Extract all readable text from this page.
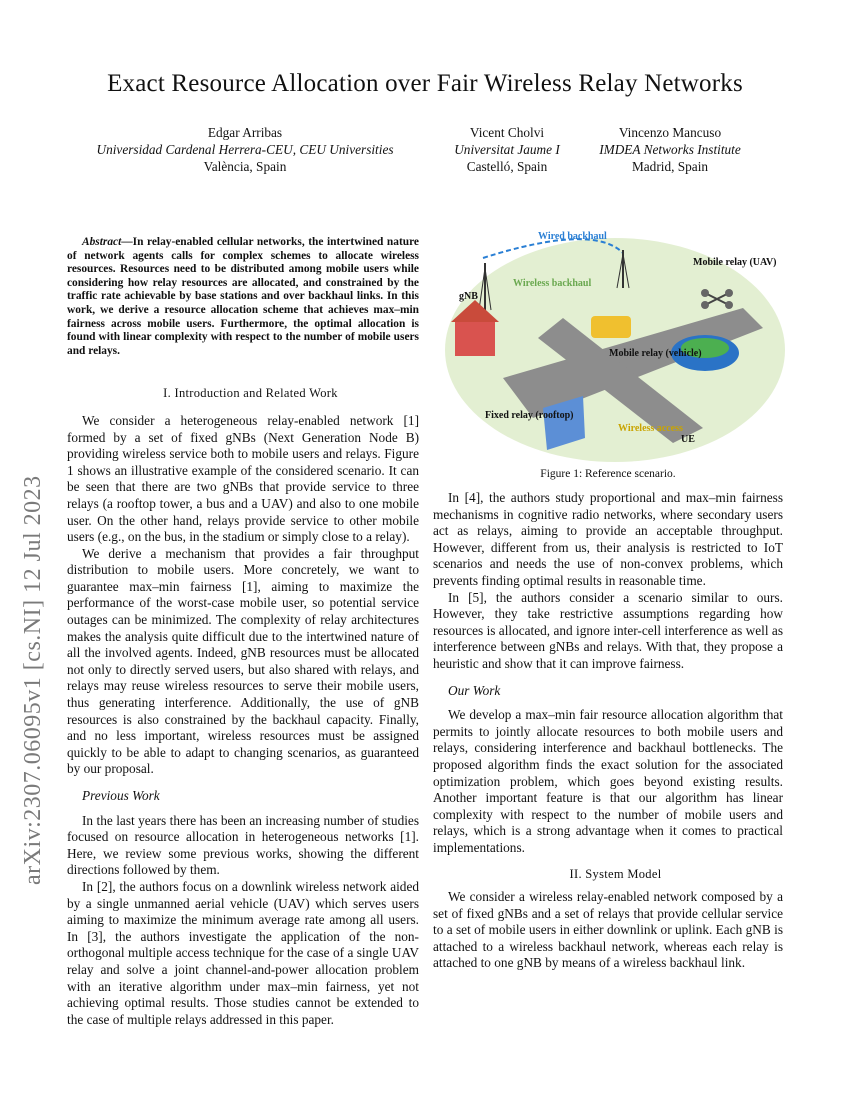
Exact Resource Allocation over Fair Wireless Relay Networks
Edgar Arribas
Universidad Cardenal Herrera-CEU, CEU Universities
València, Spain
Vicent Cholvi
Universitat Jaume I
Castelló, Spain
Vincenzo Mancuso
IMDEA Networks Institute
Madrid, Spain
arXiv:2307.06095v1 [cs.NI] 12 Jul 2023

Abstract—In relay-enabled cellular networks, the intertwined nature of network agents calls for complex schemes to allocate wireless resources. Resources need to be distributed among mobile users while considering how relay resources are allocated, and constrained by the traffic rate achievable by base stations and over backhaul links. In this work, we derive a resource allocation scheme that achieves max–min fairness across mobile users. Furthermore, the optimal allocation is found with linear complexity with respect to the number of mobile users and relays.

I. Introduction and Related Work

We consider a heterogeneous relay-enabled network [1] formed by a set of fixed gNBs (Next Generation Node B) providing wireless service both to mobile users and relays. Figure 1 shows an illustrative example of the considered scenario. It can be seen that there are two gNBs that provide service to three relays (a rooftop tower, a bus and a UAV) and also to one mobile user. On the other hand, relays provide service to other mobile users (e.g., on the bus, in the stadium or simply close to a relay).

We derive a mechanism that provides a fair throughput distribution to mobile users. More concretely, we want to guarantee max–min fairness [1], aiming to maximize the performance of the worst-case mobile user, so potential service outages can be minimized. The complexity of relay architectures makes the analysis quite difficult due to the intertwined nature of all the involved agents. Indeed, gNB resources must be allocated not only to directly served users, but also shared with relays, and relays may reuse wireless resources to serve their mobile users, thus generating interference. Additionally, the use of gNB resources is also constrained by the backhaul capacity. Finally, and no less important, wireless resources must be assigned quickly to be able to adapt to changing scenarios, as guaranteed by our proposal.

Previous Work

In the last years there has been an increasing number of studies focused on resource allocation in heterogeneous networks [1]. Here, we review some previous works, showing the different directions followed by them.

In [2], the authors focus on a downlink wireless network aided by a single unmanned aerial vehicle (UAV) which serves users aiming to maximize the minimum average rate among all users. In [3], the authors investigate the application of the non-orthogonal multiple access technique for the case of a single UAV relay and solve a joint channel-and-power allocation problem with an iterative algorithm under max–min fairness, yet not achieving optimal results. Those studies cannot be extended to the case of multiple relays addressed in this paper.

Wired backhaul
Wireless backhaul
gNB
Mobile relay (UAV)
Mobile relay (vehicle)
Fixed relay (rooftop)
Wireless access
UE
Figure 1: Reference scenario.

In [4], the authors study proportional and max–min fairness mechanisms in cognitive radio networks, where secondary users act as relays, aiming to provide an acceptable throughput. However, different from us, their analysis is restricted to IoT scenarios and needs the use of non-convex problems, which prevents finding optimal results in reasonable time.

In [5], the authors consider a scenario similar to ours. However, they take restrictive assumptions regarding how resources is allocated, and ignore inter-cell interference as well as interference between gNBs and relays. With that, they propose a heuristic and show that it can improve fairness.

Our Work

We develop a max–min fair resource allocation algorithm that permits to jointly allocate resources to both mobile users and relays, considering interference and backhaul bottlenecks. The proposed algorithm finds the exact solution for the associated optimization problem, which goes beyond existing results. Another important feature is that our algorithm has linear complexity with respect to the number of mobile users and relays, which is a strong advantage when it comes to practical implementations.

II. System Model

We consider a wireless relay-enabled network composed by a set of fixed gNBs and a set of relays that provide cellular service to a set of mobile users in either downlink or uplink. Each gNB is attached to a wireless backhaul network, whereas each relay is attached to one gNB by means of a wireless backhaul link.
